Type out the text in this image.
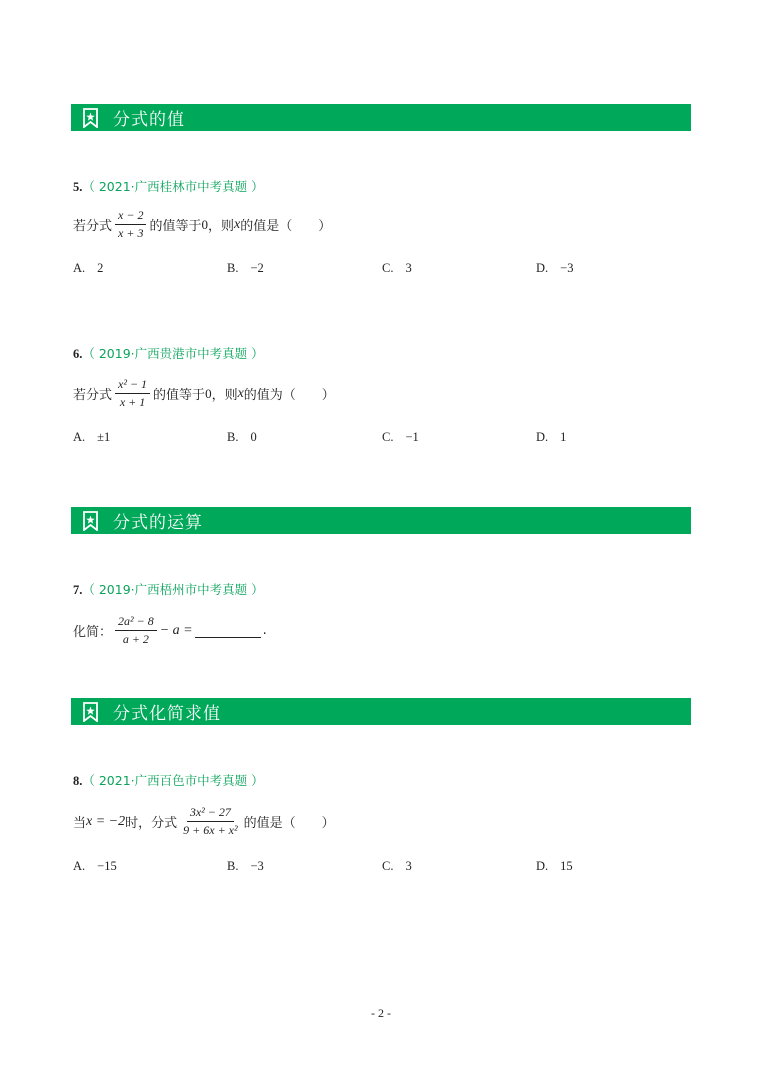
分式的值
5.（ 2021·广西桂林市中考真题 ）
若分式 $\frac{x - 2}{x + 3}$ 的值等于 0 ，则 x 的值是（　　）
A. 2	B. −2	C. 3	D. −3
6.（ 2019·广西贵港市中考真题 ）
若分式 $\frac{\text{x² − 1}}{x + 1}$ 的值等于 0 ，则 x 的值为（　　）
A. ±1	B. 0	C. −1	D. 1
分式的运算
7.（ 2019·广西梧州市中考真题 ）
化简： $\frac{\text{2a² − 8}}{a + 2} - a$ =	.
分式化简求值
8.（ 2021·广西百色市中考真题 ）
当 x = −2 时，分式 $\frac{\text{3x² − 27}}{\text{9 + 6x + x²}}$ 的值是（　　）
A. −15	B. −3	C. 3	D. 15
- 2 -
